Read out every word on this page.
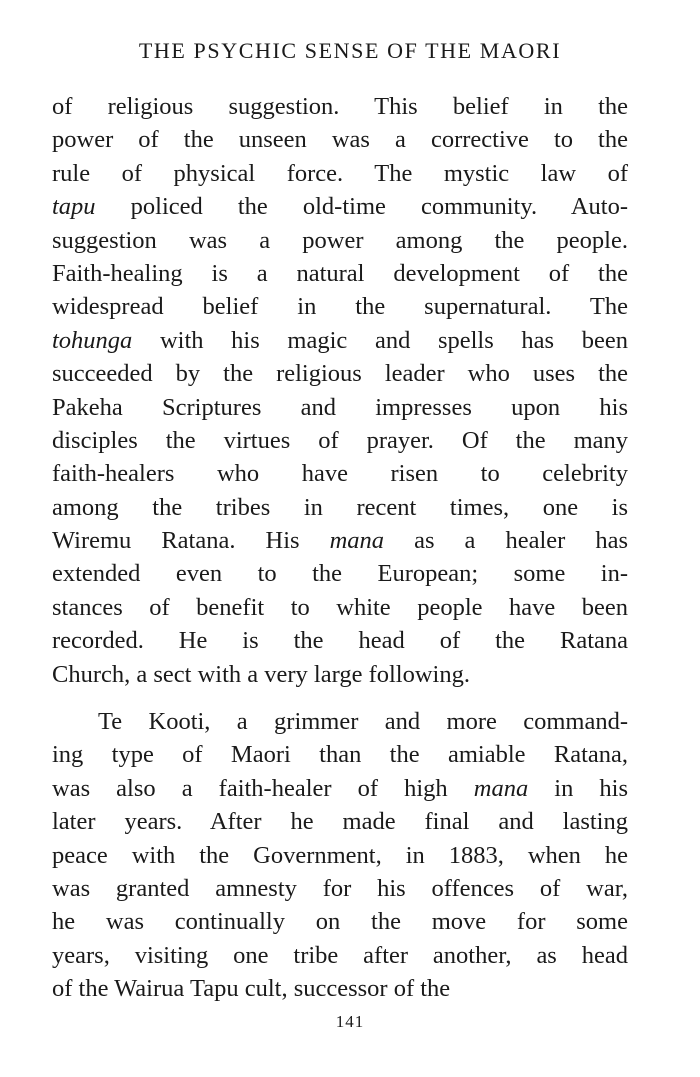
THE PSYCHIC SENSE OF THE MAORI
of religious suggestion. This belief in the
power of the unseen was a corrective to the
rule of physical force. The mystic law of
tapu policed the old-time community. Auto-
suggestion was a power among the people.
Faith-healing is a natural development of the
widespread belief in the supernatural. The
tohunga with his magic and spells has been
succeeded by the religious leader who uses the
Pakeha Scriptures and impresses upon his
disciples the virtues of prayer. Of the many
faith-healers who have risen to celebrity
among the tribes in recent times, one is
Wiremu Ratana. His mana as a healer has
extended even to the European; some in-
stances of benefit to white people have been
recorded. He is the head of the Ratana
Church, a sect with a very large following.
Te Kooti, a grimmer and more command-
ing type of Maori than the amiable Ratana,
was also a faith-healer of high mana in his
later years. After he made final and lasting
peace with the Government, in 1883, when he
was granted amnesty for his offences of war,
he was continually on the move for some
years, visiting one tribe after another, as head
of the Wairua Tapu cult, successor of the
141
